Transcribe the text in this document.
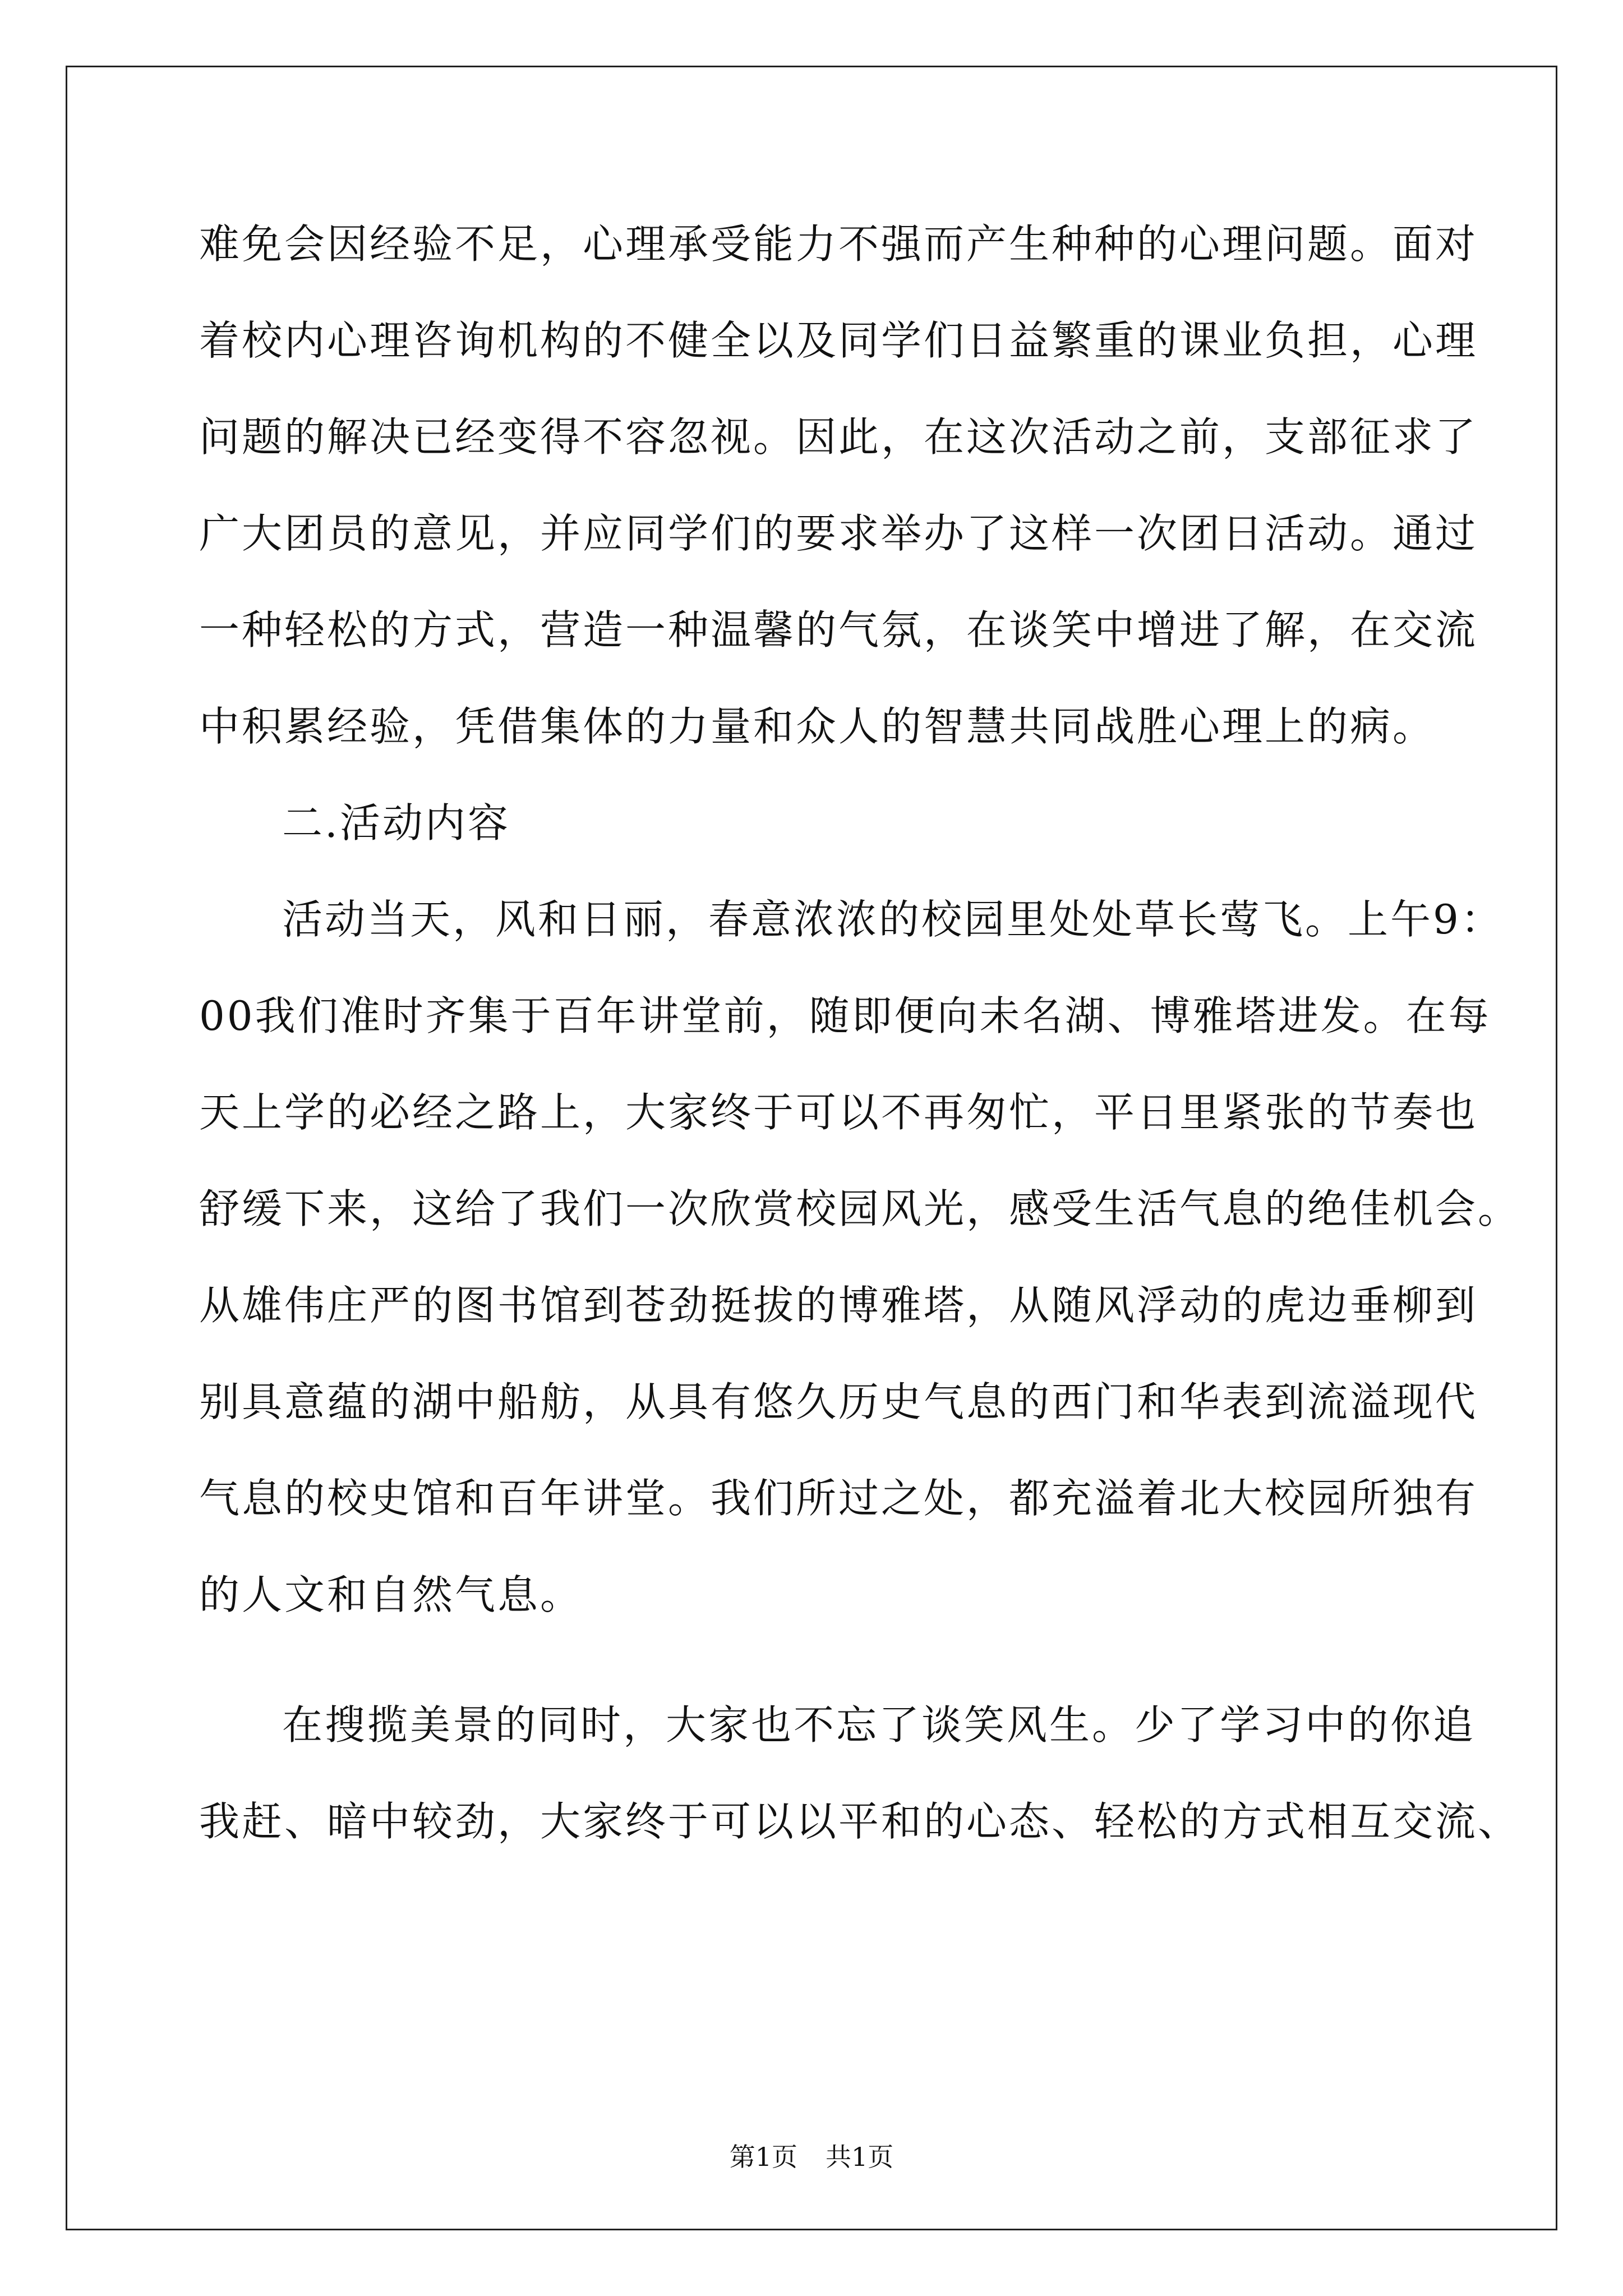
难免会因经验不足，心理承受能力不强而产生种种的心理问题。面对
着校内心理咨询机构的不健全以及同学们日益繁重的课业负担，心理
问题的解决已经变得不容忽视。因此，在这次活动之前，支部征求了
广大团员的意见，并应同学们的要求举办了这样一次团日活动。通过
一种轻松的方式，营造一种温馨的气氛，在谈笑中增进了解，在交流
中积累经验，凭借集体的力量和众人的智慧共同战胜心理上的病。
二.活动内容
活动当天，风和日丽，春意浓浓的校园里处处草长莺飞。上午9：
00我们准时齐集于百年讲堂前，随即便向未名湖、博雅塔进发。在每
天上学的必经之路上，大家终于可以不再匆忙，平日里紧张的节奏也
舒缓下来，这给了我们一次欣赏校园风光，感受生活气息的绝佳机会。
从雄伟庄严的图书馆到苍劲挺拔的博雅塔，从随风浮动的虎边垂柳到
别具意蕴的湖中船舫，从具有悠久历史气息的西门和华表到流溢现代
气息的校史馆和百年讲堂。我们所过之处，都充溢着北大校园所独有
的人文和自然气息。
在搜揽美景的同时，大家也不忘了谈笑风生。少了学习中的你追
我赶、暗中较劲，大家终于可以以平和的心态、轻松的方式相互交流、
第1页 共1页
